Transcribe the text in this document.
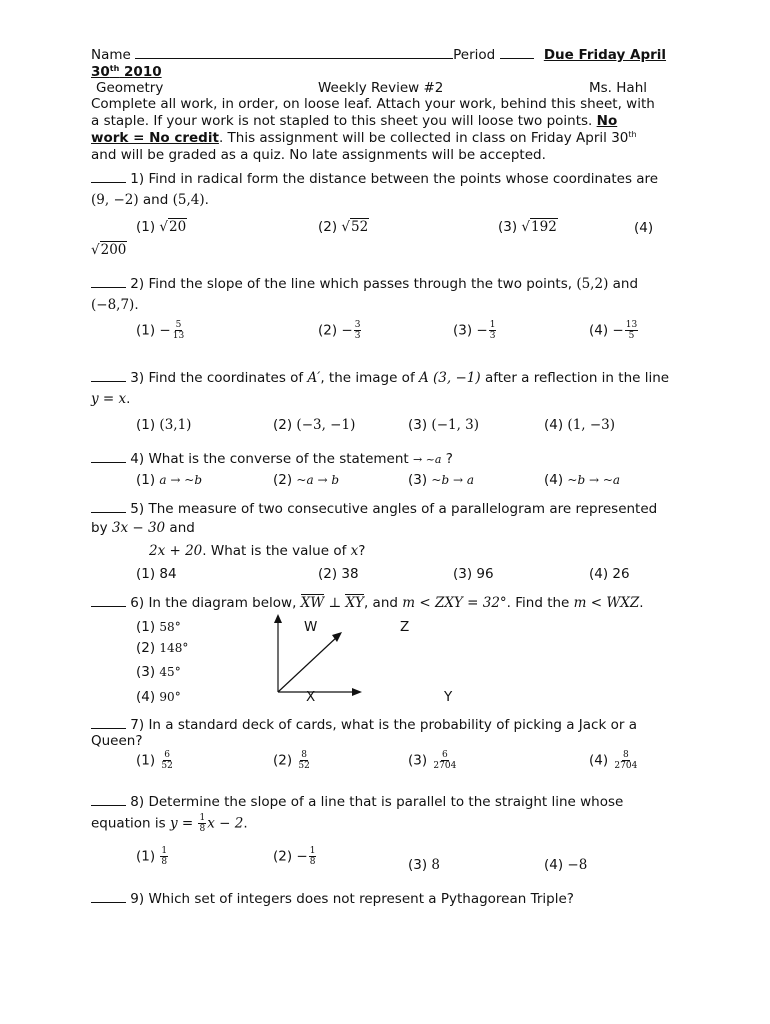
Name	Period	Due Friday April
30th 2010
Geometry	Weekly Review #2	Ms. Hahl
Complete all work, in order, on loose leaf. Attach your work, behind this sheet, with
a staple. If your work is not stapled to this sheet you will loose two points. No
work = No credit. This assignment will be collected in class on Friday April 30th
and will be graded as a quiz. No late assignments will be accepted.
1) Find in radical form the distance between the points whose coordinates are
(9, −2) and (5,4).
(1) √20	(2) √52	(3) √192	(4)
√200
2) Find the slope of the line which passes through the two points, (5,2) and
(−8,7).
$(1) - \frac{5}{13}$	$(2) - \frac{3}{3}$	$(3) - \frac{1}{3}$	$(4) - \frac{13}{5}$
3) Find the coordinates of A′, the image of A (3, −1) after a reflection in the line
y = x.
(1) (3,1)	(2) (−3, −1)	(3) (−1, 3)	(4) (1, −3)
4) What is the converse of the statement → ~a ?
(1) a → ~b	(2) ~a → b	(3) ~b → a	(4) ~b → ~a
5) The measure of two consecutive angles of a parallelogram are represented
by 3x − 30 and
2x + 20. What is the value of x?
(1) 84	(2) 38	(3) 96	(4) 26
6) In the diagram below, XW ⊥ XY, and m < ZXY = 32°. Find the m < WXZ.
(1) 58°
(2) 148°
(3) 45°
(4) 90°
W	Z
X	Y
7) In a standard deck of cards, what is the probability of picking a Jack or a
Queen?
$(1) \frac{6}{52}$	$(2) \frac{8}{52}$	$(3) \frac{6}{2704}$	$(4) \frac{8}{2704}$
8) Determine the slope of a line that is parallel to the straight line whose
equation is $y = \frac{1}{8}$ x − 2.
$(1) \frac{1}{8}$	$(2) - \frac{1}{8}$	(3) 8	(4) −8
9) Which set of integers does not represent a Pythagorean Triple?
